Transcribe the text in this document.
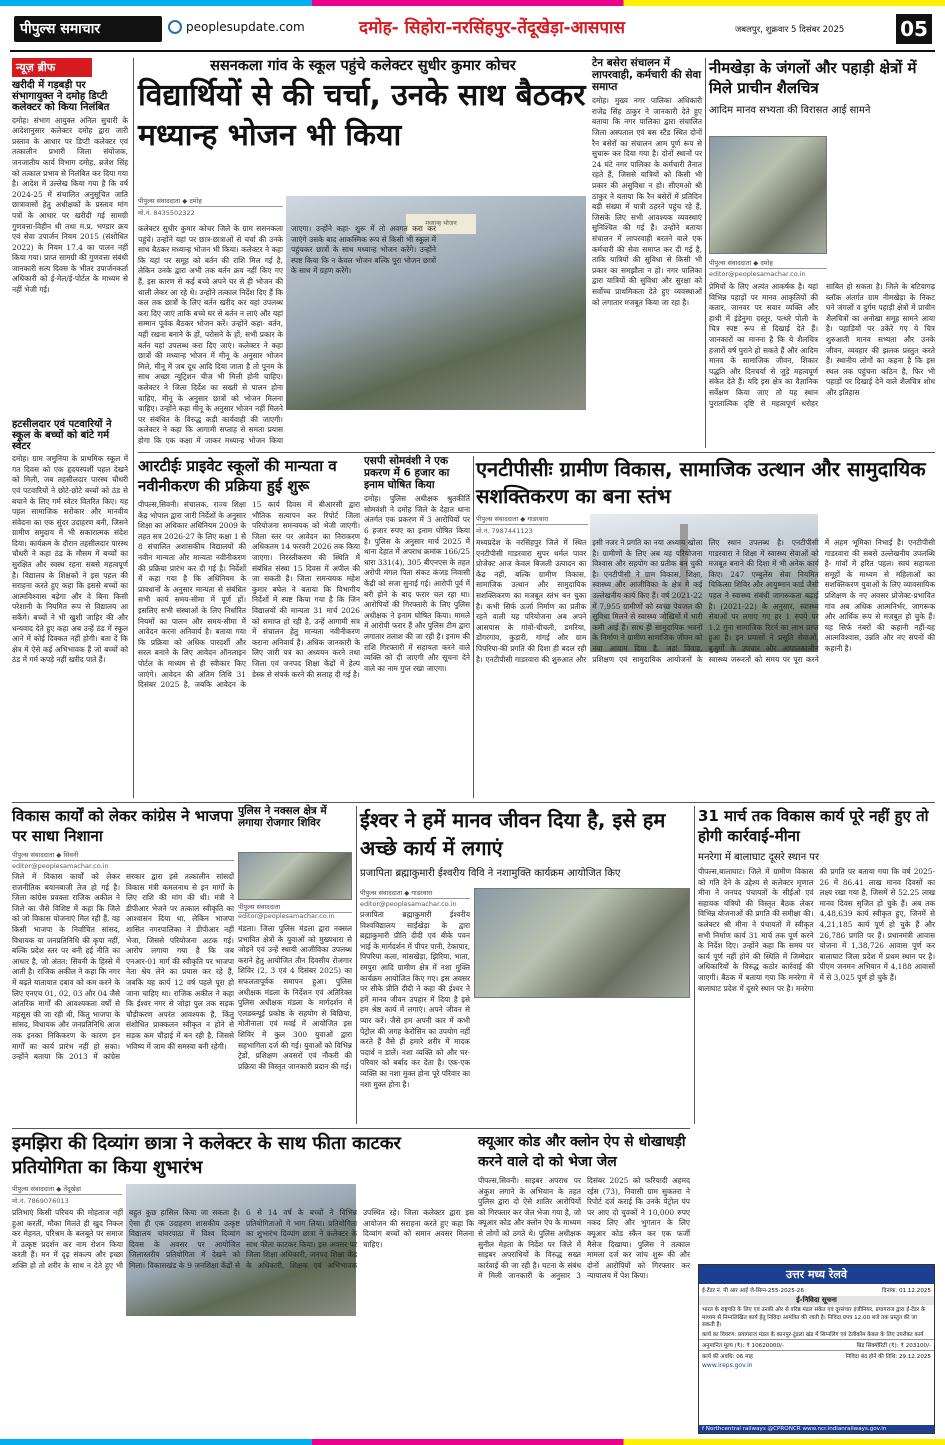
पीपुल्स समाचार	peoplesupdate.com	दमोह- सिहोरा-नरसिंहपुर-तेंदूखेड़ा-आसपास	जबलपुर, शुक्रवार 5 दिसंबर 2025	05
न्यूज़ ब्रीफ
खरीदी में गड़बड़ी पर संभागायुक्त ने दमोह डिप्टी कलेक्टर को किया निलंबित
दमोह। संभाग आयुक्त अनिल सुचारी के आदेशानुसार कलेक्टर दमोह द्वारा जारी प्रस्ताव के आधार पर डिप्टी कलेक्टर एवं तत्कालीन प्रभारी जिला संयोजक, जनजातीय कार्य विभाग दमोह, ब्रजेश सिंह को तत्काल प्रभाव से निलंबित कर दिया गया है। आदेश में उल्लेख किया गया है कि वर्ष 2024-25 में संचालित अनुसूचित जाति छात्रावासों हेतु अधीक्षकों के प्रस्ताव मांग पत्रों के आधार पर खरीदी गई सामग्री गुणवत्ता-विहीन थी तथा म.प्र. भण्डार क्रय एवं सेवा उपार्जन नियम 2015 (संशोधित 2022) के नियम 17.4 का पालन नहीं किया गया। प्राप्त सामग्री की गुणवत्ता संबंधी जानकारी सत्य दिवस के भीतर उपार्जनकर्ता अधिकारी को ई-मेल/ई-पोर्टल के माध्यम से नहीं भेजी गई।
हटसीलदार एवं पटवारियों ने स्कूल के बच्चों को बांटे गर्म स्वेटर
दमोह। ग्राम जमुनिया के प्राथमिक स्कूल में गत दिवस को एक हृदयस्पर्शी पहल देखने को मिली, जब तहसीलदार पारस्थ चौधरी एवं पटवारियों ने छोटे-छोटे बच्चों को ठंड से बचाने के लिए गर्म स्वेटर वितरित किए। यह पहल सामाजिक सरोकार और मानवीय संवेदना का एक सुंदर उदाहरण बनी, जिसने ग्रामीण समुदाय में भी सकारात्मक संदेश दिया। कार्यक्रम के दौरान तहसीलदार पारस्थ चौधरी ने कहा ठंड के मौसम में बच्चों का सुरक्षित और स्वस्थ रहना सबसे महत्वपूर्ण है। विद्यालय के शिक्षकों ने इस पहल की सराहना करते हुए कहा कि इससे बच्चों का आत्मविश्वास बढ़ेगा और वे बिना किसी परेशानी के नियमित रूप से विद्यालय आ सकेंगे। बच्चों ने भी खुशी जाहिर की और धन्यवाद देते हुए कहा अब उन्हें ठंड में स्कूल आने में कोई दिक्कत नहीं होगी। बता दें कि क्षेत्र में ऐसे कई अभिभावक हैं जो बच्चों को ठंड में गर्म कपड़े नहीं खरीद पाते हैं।
ससनकला गांव के स्कूल पहुंचे कलेक्टर सुधीर कुमार कोचर
विद्यार्थियों से की चर्चा, उनके साथ बैठकर मध्यान्ह भोजन भी किया
पीपुल्स संवाददाता ◆ दमोह
मो.नं. 8435502322
मध्यान्ह भोजन
कलेक्टर सुधीर कुमार कोचर जिले के ग्राम ससनकला पहुंचे। उन्होंने यहां पर छात्र-छात्राओं से चर्चा की उनके साथ बैठकर मध्यान्ह भोजन भी किया। कलेक्टर ने कहा कि यहां पर समूह को बर्तन की राशि मिल गई है, लेकिन उनके द्वारा अभी तक बर्तन क्रय नहीं किए गए हैं, इस कारण से कई बच्चे अपने घर से ही भोजन की थाली लेकर आ रहे थे। उन्होंने तत्काल निर्देश दिए हैं कि कल तक छात्रों के लिए बर्तन खरीद कर यहां उपलब्ध करा दिए जाएं ताकि बच्चे घर से बर्तन न लाएं और यहां सम्मान पूर्वक बैठकर भोजन करें। उन्होंने कहा- बर्तन, यहीं रखना बनाने के हों, परोसने के हों, सभी प्रकार के बर्तन यहां उपलब्ध करा दिए जाएं। कलेक्टर ने कहा छात्रों की मध्यान्ह भोजन में मीनू के अनुसार भोजन मिले, मीनू में जब दूध आदि दिया जाता है तो पूनम के साथ अच्छा न्यूट्रिशन चीज भी मिली होनी चाहिए। कलेक्टर ने जिला दिर्देश का सख्ती से पालन होना चाहिए, मीनू के अनुसार छात्रों को भोजन मिलना चाहिए। उन्होंने कहा मीनू के अनुसार भोजन नहीं मिलने पर संबंधित के विरुद्ध कड़ी कार्यवाही की जाएगी। कलेक्टर ने कहा कि आगामी सप्ताह से समता प्रयास होगा कि एक कक्षा में जाकर मध्यान्ह भोजन किया
टेन बसेरा संचालन में लापरवाही, कर्मचारी की सेवा समाप्त
दमोह। मुख्य नगर पालिका अधिकारी राजेंद्र सिंह ठाकुर ने जानकारी देते हुए बताया कि नगर पालिका द्वारा संचालित जिला अस्पताल एवं बस स्टैंड स्थित दोनों रैन बसेरों का संचालन आम पूर्ण रूप से सुचारू कर दिया गया है। दोनों स्थानों पर 24 घंटे नगर पालिका के कर्मचारी तैनात रहते हैं, जिससे यात्रियों को किसी भी प्रकार की असुविधा न हो। सीएमओ श्री ठाकुर ने बताया कि रैन बसेरों में प्रतिदिन बड़ी संख्या में यात्री ठहरने पहुंच रहे हैं, जिसके लिए सभी आवश्यक व्यवस्थाएं सुनिश्चित की गई हैं। उन्होंने बताया संचालन में लापरवाही बरतने वाले एक कर्मचारी की सेवा समाप्त कर दी गई है, ताकि यात्रियों की सुविधा से किसी भी प्रकार का समझौता न हो। नगर पालिका द्वारा यात्रियों की सुविधा और सुरक्षा को सर्वोच्च प्राथमिकता देते हुए व्यवस्थाओं को लगातार मजबूत किया जा रहा है।
नीमखेड़ा के जंगलों और पहाड़ी क्षेत्रों में मिले प्राचीन शैलचित्र
आदिम मानव सभ्यता की विरासत आई सामने
पीपुल्स संवाददाता ◆ दमोह
editor@peoplesamachar.co.in
प्रेमियों के लिए अत्यंत आकर्षक है। यहां विभिन्न पहाड़ों पर मानव आकृतियों की कतार, जानवर पर सवार व्यक्ति और हाथी में इंडेनुमा दस्तूर, पत्थरे पोली के चित्र स्पष्ट रूप से दिखाई देते हैं। जानकारों का मानना है कि ये शैलचित्र हजारों वर्ष पुराने हो सकते हैं और आदिम मानव के सामाजिक जीवन, शिकार पद्धति और दिनचर्या से जुड़े महत्वपूर्ण संकेत देते हैं। यदि इस क्षेत्र का वैज्ञानिक सर्वेक्षण किया जाए तो यह स्थान पुरातात्विक दृष्टि से महत्वपूर्ण धरोहर साबित हो सकता है। जिले के बटियागढ़ ब्लॉक अंतर्गत ग्राम नीमखेड़ा के निकट घने जंगलों व दुर्गम पहाड़ी क्षेत्रों में प्राचीन शैलचित्रों का अनोखा समूह सामने आया है। पहाड़ियों पर उकेरे गए ये चित्र शुरुआती मानव सभ्यता और उनके जीवन, व्यवहार की झलक प्रस्तुत करते हैं। स्थानीय लोगों का कहना है कि इस स्थल तक पहुंचना कठिन है, फिर भी पहाड़ों पर दिखाई देने वाले शैलचित्र शोध और इतिहास
आरटीईः प्राइवेट स्कूलों की मान्यता व नवीनीकरण की प्रक्रिया हुई शुरू
पीपल्स,सिवनी। संचालक, राज्य शिक्षा केंद्र भोपाल द्वारा जारी निर्देशों के अनुसार शिक्षा का अधिकार अधिनियम 2009 के तहत सत्र 2026-27 के लिए कक्षा 1 से 8 संचालित अशासकीय विद्यालयों की नवीन मान्यता और मान्यता नवीनीकरण की प्रक्रिया प्रारंभ कर दी गई है। निर्देशों में कहा गया है कि अधिनियम के प्रावधानों के अनुसार मान्यता से संबंधित सभी कार्य समय-सीमा में पूर्ण हों। इसलिए सभी संस्थाओं के लिए निर्धारित नियमों का पालन और समय-सीमा में आवेदन करना अनिवार्य है। बताया गया कि प्रक्रिया को अधिक पारदर्शी और सरल बनाने के लिए आवेदन ऑनलाइन पोर्टल के माध्यम से ही स्वीकार किए जाएंगे। आवेदन की अंतिम तिथि 31 दिसंबर 2025 है, जबकि आवेदन के 15 कार्य दिवस में बीआरसी द्वारा भौतिक सत्यापन कर रिपोर्ट जिला परियोजना समन्वयक को भेजी जाएगी। जिला स्तर पर आवेदन का निराकरण अधिकतम 14 फरवरी 2026 तक किया जाएगा। निरस्तीकरण की स्थिति में संबंधित संस्था 15 दिवस में अपील की जा सकती है। जिला समन्वयक महेश कुमार बघेल ने बताया कि विभागीय निर्देशों में स्पष्ट किया गया है कि जिन विद्यालयों की मान्यता 31 मार्च 2026 को समाप्त हो रही है, उन्हें आगामी सत्र में संचालन हेतु मान्यता नवीनीकरण कराना अनिवार्य है। अधिक जानकारी के लिए जारी पत्र का अध्ययन करने तथा जिला एवं जनपद शिक्षा केंद्रों में हेल्प डेस्क से संपर्क करने की सलाह दी गई है।
एसपी सोमवंशी ने एक प्रकरण में 6 हजार का इनाम घोषित किया
दमोह। पुलिस अधीक्षक श्रुतकीर्ति सोमवंशी ने दमोह जिले के देहात थाना अंतर्गत एक प्रकरण में 3 आरोपियों पर 6 हजार रुपए का इनाम घोषित किया है। पुलिस के अनुसार मार्च 2025 में थाना देहात में अपराध क्रमांक 166/25 धारा 331(4), 305 बीएनएस के तहत अरोपी मंगल पिता संकट कंजड़ निवासी केंद्री को सजा सुनाई गई। आरोपी पूर्व में बरी होने के बाद फरार चल रहा था। आरोपियों की गिरफ्तारी के लिए पुलिस अधीक्षक ने इनाम घोषित किया। मामले में आरोपी फरार हैं और पुलिस टीम द्वारा लगातार तलाश की जा रही है। इनाम की राशि गिरफ्तारी में सहायता करने वाले व्यक्ति को दी जाएगी और सूचना देने वाले का नाम गुप्त रखा जाएगा।
एनटीपीसीः ग्रामीण विकास, सामाजिक उत्थान और सामुदायिक सशक्तिकरण का बना स्तंभ
पीपुल्स संवाददाता ◆ गाडरवारा
मो.नं. 7987441123
मध्यप्रदेश के नरसिंहपुर जिले में स्थित एनटीपीसी गाडरवारा सुपर थर्मल पावर प्रोजेक्ट आज केवल बिजली उत्पादन का केंद्र नहीं, बल्कि ग्रामीण विकास, सामाजिक उत्थान और सामुदायिक सशक्तिकरण का मजबूत स्तंभ बन चुका है। कभी सिर्फ ऊर्जा निर्माण का प्रतीक रहने वाली यह परियोजना अब अपने आसपास के गांवों-चीचली, डमरिया, डोंगरगांव, कुड़ारी, गांगई और ग्राम पिपरिया-की प्रगति की दिशा ही बदल रही है। एनटीपीसी गाडरवारा की शुरुआत और इसी नजर ने प्रगति का नया अध्याय खोला है। ग्रामीणों के लिए अब यह परियोजना विश्वास और सहयोग का प्रतीक बन चुकी है। एनटीपीसी ने ग्राम विकास, शिक्षा, स्वास्थ्य और आजीविका के क्षेत्र में कई उल्लेखनीय कार्य किए हैं। वर्ष 2021-22 में 7,955 ग्रामीणों को स्वच्छ पेयजल की सुविधा मिलने से स्वास्थ्य जोखिमों में भारी कमी आई है। साथ ही सामुदायिक भवनों के निर्माण ने ग्रामीण सामाजिक जीवन को नया आयाम दिया है, जहां विवाह, प्रशिक्षण एवं सामुदायिक आयोजनों के लिए स्थान उपलब्ध है। एनटीपीसी गाडरवारा ने शिक्षा में स्वास्थ्य सेवाओं को मजबूत बनाने की दिशा में भी अनेक कार्य किए। 247 एम्बुलेंस सेवा नियमित चिकित्सा शिविर और आयुष्मान कार्ड जैसी पहल ने स्वास्थ्य संबंधी जागरूकता बढ़ाई है। (2021-22) के अनुसार, स्वास्थ्य सेवाओं पर लगाए गए हर 1 रुपये पर 1.2 गुना सामाजिक रिटर्न का लाभ प्राप्त हुआ है। इन प्रयासों ने प्रसूति सेवाओं, बुजुर्गों के उपचार और आपातकालीन स्वास्थ्य जरूरतों को समय पर पूरा करने में अहम भूमिका निभाई है। एनटीपीसी गाडरवारा की सबसे उल्लेखनीय उपलब्धि है- गांवों में हरित पहल। स्वयं सहायता समूहों के माध्यम से महिलाओं का सशक्तिकरण युवाओं के लिए व्यावसायिक प्रशिक्षण के नए अवसर प्रोजेक्ट-प्रभावित गांव अब अधिक आत्मनिर्भर, जागरूक और आर्थिक रूप से मजबूत हो चुके हैं। यह सिर्फ नंबरों की कहानी नहीं-यह आत्मविश्वास, उन्नति और नए सपनों की कहानी है।
विकास कार्यों को लेकर कांग्रेस ने भाजपा पर साधा निशाना
पीपुल्स संवाददाता ◆ सिवनी
editor@peoplesamachar.co.in
जिले में विकास कार्यों को लेकर राजनीतिक बयानबाजी तेज हो गई है। जिला कांग्रेस प्रवक्ता राजिक अकील ने जिले का जैसे विशिष्ट में कहा कि जिले को जो विकास योजनाएं मिल रही हैं, वह किसी भाजपा के निर्वाचित सांसद, विधायक या जनप्रतिनिधि की कृपा नहीं, बल्कि प्रदेश स्तर पर बनी हई नीति का आधार है, जो अंतत: सिवनी के हिस्से में आती है। राजिक अकील ने कहा कि नगर में बढ़ते यातायात दबाव को कम करने के लिए एनएच 01, 02, 03 और 04 जैसे आंतरिक मार्गों की आवश्यकता वर्षों से महसूस की जा रही थी, किंतु भाजपा के सांसद, विधायक और जनप्रतिनिधि आज तक इनका निकिकरण के कारण इन मार्गों का कार्य प्रारंभ नहीं हो सका। उन्होंने बताया कि 2013 में कांग्रेस सरकार द्वारा इसे तत्कालीन सांसदों विकास मंत्री कमलनाथ से इन मार्गों के लिए राशि की मांग की थी। मंत्री ने डीपीआर भेजने पर तत्काल स्वीकृति का आश्वासन दिया था, लेकिन भाजपा शासित नगरपालिका ने डीपीआर नहीं भेजा, जिससे परियोजना अटक गई। आरोप लगाया गया है कि जब एनआर-01 मार्ग की स्वीकृति पर भाजपा नेता श्रेय लेने का प्रयास कर रहे हैं, जबकि यह कार्य 12 वर्ष पहले पूरा हो जाना चाहिए था। राजिक अकील ने कहा कि ईश्वर नगर से जोड़ा पुल तक सड़क चौड़ीकरण अपरंत आवश्यक है, किंतु संशोधित प्राक्कलन स्वीकृत न होने से सड़क कम चौड़ाई में बन रही है, जिससे भविष्य में जाम की समस्या बनी रहेगी।
पुलिस ने नक्सल क्षेत्र में लगाया रोजगार शिविर
पीपुल्स संवाददाता
editor@peoplesamachar.co.in
मंडला। जिला पुलिस मंडला द्वारा नक्सल प्रभावित क्षेत्रों के युवाओं को मुख्यधारा से जोड़ने एवं उन्हें स्थायी आजीविका उपलब्ध कराने हेतु आयोजित तीन दिवसीय रोजगार शिविर (2, 3 एवं 4 दिसंबर 2025) का सफलतापूर्वक समापन हुआ। पुलिस अधीक्षक मंडला के निर्देशन एवं अतिरिक्त पुलिस अधीक्षक मंडला के मार्गदर्शन में एलडब्ल्यूई प्रकोष्ठ के सहयोग से बिछिया, मोतीनाला एवं मवई में आयोजित इस शिविर में कुल 300 युवाओं द्वारा सहभागिता दर्ज की गई। युवाओं को विभिन्न ट्रेडों, प्रशिक्षण अवसरों एवं नौकरी की प्रक्रिया की विस्तृत जानकारी प्रदान की गई।
ईश्वर ने हमें मानव जीवन दिया है, इसे हम अच्छे कार्य में लगाएं
प्रजापिता ब्रह्माकुमारी ईश्वरीय विवि ने नशामुक्ति कार्यक्रम आयोजित किए
पीपुल्स संवाददाता ◆ गाडरवारा
editor@peoplesamachar.co.in
प्रजापिता ब्रह्माकुमारी ईश्वरीय विश्वविद्यालय साईंखेड़ा के द्वारा ब्रह्माकुमारी प्रीति दीदी एवं बीके पवन भाई के मार्गदर्शन में पीपर पानी, टेकापार, पिपरिया कला, मांसखेड़ा, झिरिया, भाता, रमपुरा आदि ग्रामीण क्षेत्र में नशा मुक्ति कार्यक्रम आयोजित किए गए। इस अवसर पर सीके प्रीति दीदी ने कहा की ईश्वर ने हमें मानव जीवन उपहार में दिया है इसे हम श्रेष्ठ कार्य में लगाएं। अपने जीवन से प्यार करें। जैसे हम अपनी कार में कभी पेट्रोल की जगह केरोसिन का उपयोग नहीं करते हैं वैसे ही हमारे शरीर में मादक पदार्थ न डालें। नशा व्यक्ति को और घर-परिवार को बर्बाद कर देता है। एक-एक व्यक्ति का नशा मुक्त होना पूरे परिवार का नशा मुक्त होना है।
31 मार्च तक विकास कार्य पूरे नहीं हुए तो होगी कार्रवाई-मीना
मनरेगा में बालाघाट दूसरे स्थान पर
पीपल्स,बालाघाट। जिले में ग्रामीण विकास को गति देने के उद्देश्य से कलेक्टर मृणाल मीना ने जनपद पंचायतों के सीईओ एवं सहायक यंत्रियों की विस्तृत बैठक लेकर विभिन्न योजनाओं की प्रगति की समीक्षा की। कलेक्टर श्री मीना ने पंचायतों में स्वीकृत सभी निर्माण कार्य 31 मार्च तक पूर्ण करने के निर्देश दिए। उन्होंने कहा कि समय पर कार्य पूर्ण नहीं होने की स्थिति में जिम्मेदार अधिकारियों के विरुद्ध कठोर कार्रवाई की जाएगी। बैठक में बताया गया कि मनरेगा में बालाघाट प्रदेश में दूसरे स्थान पर है। मनरेगा की प्रगति पर बताया गया कि वर्ष 2025-26 में 86.41 लाख मानव दिवसों का लक्ष्य रखा गया है, जिसमें से 52.25 लाख मानव दिवस सृजित हो चुके हैं। अब तक 4,48,639 कार्य स्वीकृत हुए, जिनमें से 4,21,185 कार्य पूर्ण हो चुके हैं और 26,786 प्रगति पर हैं। प्रधानमंत्री आवास योजना में 1,38,726 आवास पूर्ण कर बालाघाट जिला प्रदेश में प्रथम स्थान पर है। पीएम जनमन अभियान में 4,188 आवासों में से 3,025 पूर्ण हो चुके हैं।
इमझिरा की दिव्यांग छात्रा ने कलेक्टर के साथ फीता काटकर प्रतियोगिता का किया शुभारंभ
पीपुल्स संवाददाता ◆ तेंदूखेड़ा
मो.नं. 7869076013
प्रतिभाएं किसी परिचय की मोहताज नहीं हुआ करतीं, मौका मिलते ही खुद निकल कर मेहनत, परिश्रम के बलबूते पर समाज में उत्कृष्ट प्रदर्शन कर नाम रोशन किया करती हैं। मन में दृढ़ संकल्प और इच्छा शक्ति हो तो शरीर के साथ न देते हुए भी बहुत कुछ हासिल किया जा सकता है। ऐसा ही एक उदाहरण शासकीय उत्कृष्ट विद्यालय चांवरपाठा में विश्व दिव्यांग दिवस के अवसर पर आयोजित जिलास्तरीय प्रतियोगिता में देखने को मिला। विकासखंड के 9 जनशिक्षा केंद्रों से 6 से 14 वर्ष के बच्चों ने विभिन्न प्रतियोगिताओं में भाग लिया। प्रतियोगिता का शुभारंभ दिव्यांग छात्रा ने कलेक्टर के साथ फीता काटकर किया। इस अवसर पर जिला शिक्षा अधिकारी, जनपद शिक्षा केंद्र के अधिकारी, शिक्षक एवं अभिभावक उपस्थित रहे। जिला कलेक्टर द्वारा इस आयोजन की सराहना करते हुए कहा कि दिव्यांग बच्चों को समान अवसर मिलना चाहिए।
क्यूआर कोड और क्लोन ऐप से धोखाधड़ी करने वाले दो को भेजा जेल
पीपल्स,सिवनी। साइबर अपराध पर अंकुश लगाने के अभियान के तहत पुलिस द्वारा दो ऐसे शातिर आरोपियों को गिरफ्तार कर जेल भेजा गया है, जो क्यूआर कोड और क्लोन ऐप के माध्यम से लोगों को ठगते थे। पुलिस अधीक्षक सुनील मेहता के निर्देश पर जिले में साइबर अपराधियों के विरुद्ध सख्त कार्रवाई की जा रही है। घटना के संबंध में मिली जानकारी के अनुसार 3 दिसंबर 2025 को फरियादी अहमद रईस (73), निवासी ग्राम सुकतरा ने रिपोर्ट दर्ज कराई कि उनके पेट्रोल पंप पर आए दो युवकों ने 10,000 रुपए नकद लिए और भुगतान के लिए क्यूआर कोड स्कैन कर एक फर्जी मैसेज दिखाया। पुलिस ने तत्काल मामला दर्ज कर जांच शुरू की और दोनों आरोपियों को गिरफ्तार कर न्यायालय में पेश किया।	उत्तर मध्य रेलवे
ई-टेंडर नं. पी आर आई जे-सिग्न-255-2025-26	दिनांक: 01.12.2025
ई-निविदा सूचना
भारत के राष्ट्रपति के लिए एवं उनकी ओर से वरिष्ठ मंडल संकेत एवं दूरसंचार इंजीनियर, प्रयागराज द्वारा ई-टेंडर के माध्यम से निम्नलिखित कार्य हेतु निविदा आमंत्रित की जाती है। निविदा प्रपत्र 12.00 बजे तक प्रस्तुत की जा सकती है।
कार्य का विवरण: प्रयागराज मंडल के कानपुर-टूंडला खंड में सिग्नलिंग एवं टेलीकॉम केबल के लिए उपरोक्त कार्य
अनुमानित मूल्य (₹): ₹ 10620000/-	बिड सिक्योरिटी (₹): ₹ 203100/-
कार्य की अवधि: 06 माह	निविदा बंद होने की तिथि: 29.12.2025
www.ireps.gov.in
f Northcentral railways @CPRONCR www.ncr.indianrailways.gov.in
